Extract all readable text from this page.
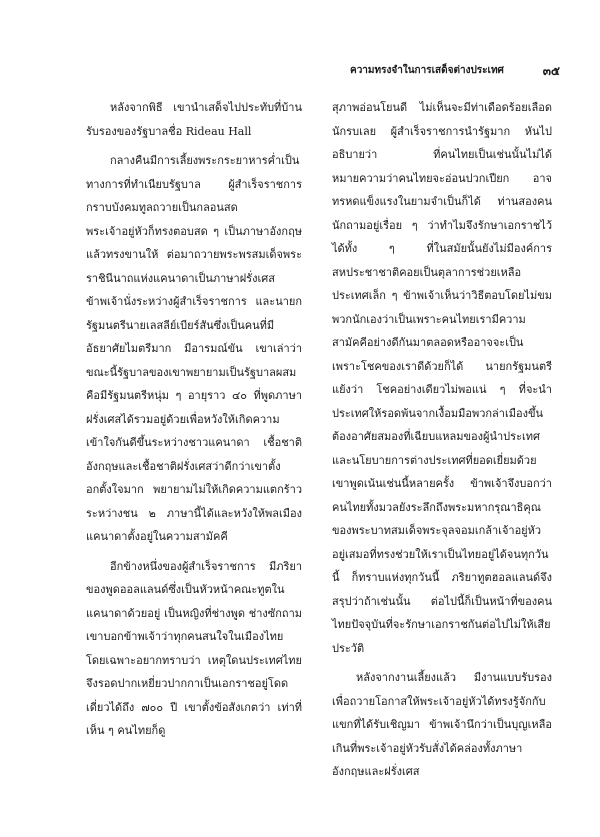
ความทรงจำในการเสด็จต่างประเทศ	๓๕

หลังจากพิธี เขานำเสด็จไปประทับที่บ้านรับรองของรัฐบาลชื่อ Rideau Hall

กลางคืนมีการเลี้ยงพระกระยาหารค่ำเป็นทางการที่ทำเนียบรัฐบาล ผู้สำเร็จราชการกราบบังคมทูลถวายเป็นกลอนสด พระเจ้าอยู่หัวก็ทรงตอบสด ๆ เป็นภาษาอังกฤษ แล้วทรงขานให้ ต่อมาถวายพระพรสมเด็จพระราชินีนาถแห่งแคนาดาเป็นภาษาฝรั่งเศส ข้าพเจ้านั่งระหว่างผู้สำเร็จราชการ และนายกรัฐมนตรีนายเลสลีย์เบียร์สันซึ่งเป็นคนที่มีอัธยาศัยไมตรีมาก มีอารมณ์ขัน เขาเล่าว่าขณะนี้รัฐบาลของเขาพยายามเป็นรัฐบาลผสม คือมีรัฐมนตรีหนุ่ม ๆ อายุราว ๔๐ ที่พูดภาษาฝรั่งเศสได้รวมอยู่ด้วยเพื่อหวังให้เกิดความเข้าใจกันดีขึ้นระหว่างชาวแคนาดา เชื้อชาติอังกฤษและเชื้อชาติฝรั่งเศสว่าดีกว่าเขาตั้งอกตั้งใจมาก พยายามไม่ให้เกิดความแตกร้าวระหว่างชน ๒ ภาษานี้ได้และหวังให้พลเมืองแคนาดาตั้งอยู่ในความสามัคคี

อีกข้างหนึ่งของผู้สำเร็จราชการ มีภริยาของพูดออลแลนด์ซึ่งเป็นหัวหน้าคณะทูตในแคนาดาด้วยอยู่ เป็นหญิงที่ช่างพูด ช่างซักถาม เขาบอกข้าพเจ้าว่าทุกคนสนใจในเมืองไทย โดยเฉพาะอยากทราบว่า เหตุใดนประเทศไทยจึงรอดปากเหยี่ยวปากกาเป็นเอกราชอยู่โดดเดี่ยวได้ถึง ๗๐๐ ปี เขาตั้งข้อสังเกตว่า เท่าที่เห็น ๆ คนไทยก็ดู

สุภาพอ่อนโยนดี ไม่เห็นจะมีท่าเดือดร้อยเลือดนักรบเลย ผู้สำเร็จราชการนำรัฐมาก หันไปอธิบายว่า ที่คนไทยเป็นเช่นนั้นไม่ได้หมายความว่าคนไทยจะอ่อนปวกเปียก อาจทรหดแข็งแรงในยามจำเป็นก็ได้ ท่านสองคนนักถามอยู่เรื่อย ๆ ว่าทำไมจึงรักษาเอกราชไว้ได้ทั้ง ๆ ที่ในสมัยนั้นยังไม่มีองค์การสหประชาชาติคอยเป็นตุลาการช่วยเหลือประเทศเล็ก ๆ ข้าพเจ้าเห็นว่าวิธีตอบโดยไม่ขมพวกนักเองว่าเป็นเพราะคนไทยเรามีความสามัคคีอย่างดีกันมาตลอดหรืออาจจะเป็นเพราะโชคของเราดีด้วยก็ได้ นายกรัฐมนตรีแย้งว่า โชคอย่างเดียวไม่พอแน่ ๆ ที่จะนำประเทศให้รอดพ้นจากเงื้อมมือพวกล่าเมืองขึ้นต้องอาศัยสมองที่เฉียบแหลมของผู้นำประเทศ และนโยบายการต่างประเทศที่ยอดเยี่ยมด้วย เขาพูดเน้นเช่นนี้หลายครั้ง ข้าพเจ้าจึงบอกว่าคนไทยทั้งมวลยังระลึกถึงพระมหากรุณาธิคุณของพระบาทสมเด็จพระจุลจอมเกล้าเจ้าอยู่หัวอยู่เสมอที่ทรงช่วยให้เราเป็นไทยอยู่ได้จนทุกวันนี้ ก็ทราบแห่งทุกวันนี้ ภริยาทูตฮอลแลนด์จึงสรุปว่าถ้าเช่นนั้น ต่อไปนี้ก็เป็นหน้าที่ของคนไทยปัจจุบันที่จะรักษาเอกราชกันต่อไปไม่ให้เสียประวัติ

หลังจากงานเลี้ยงแล้ว มีงานแบบรับรองเพื่อถวายโอกาสให้พระเจ้าอยู่หัวได้ทรงรู้จักกับแขกที่ได้รับเชิญมา ข้าพเจ้านึกว่าเป็นบุญเหลือเกินที่พระเจ้าอยู่หัวรับสั่งได้คล่องทั้งภาษาอังกฤษและฝรั่งเศส
